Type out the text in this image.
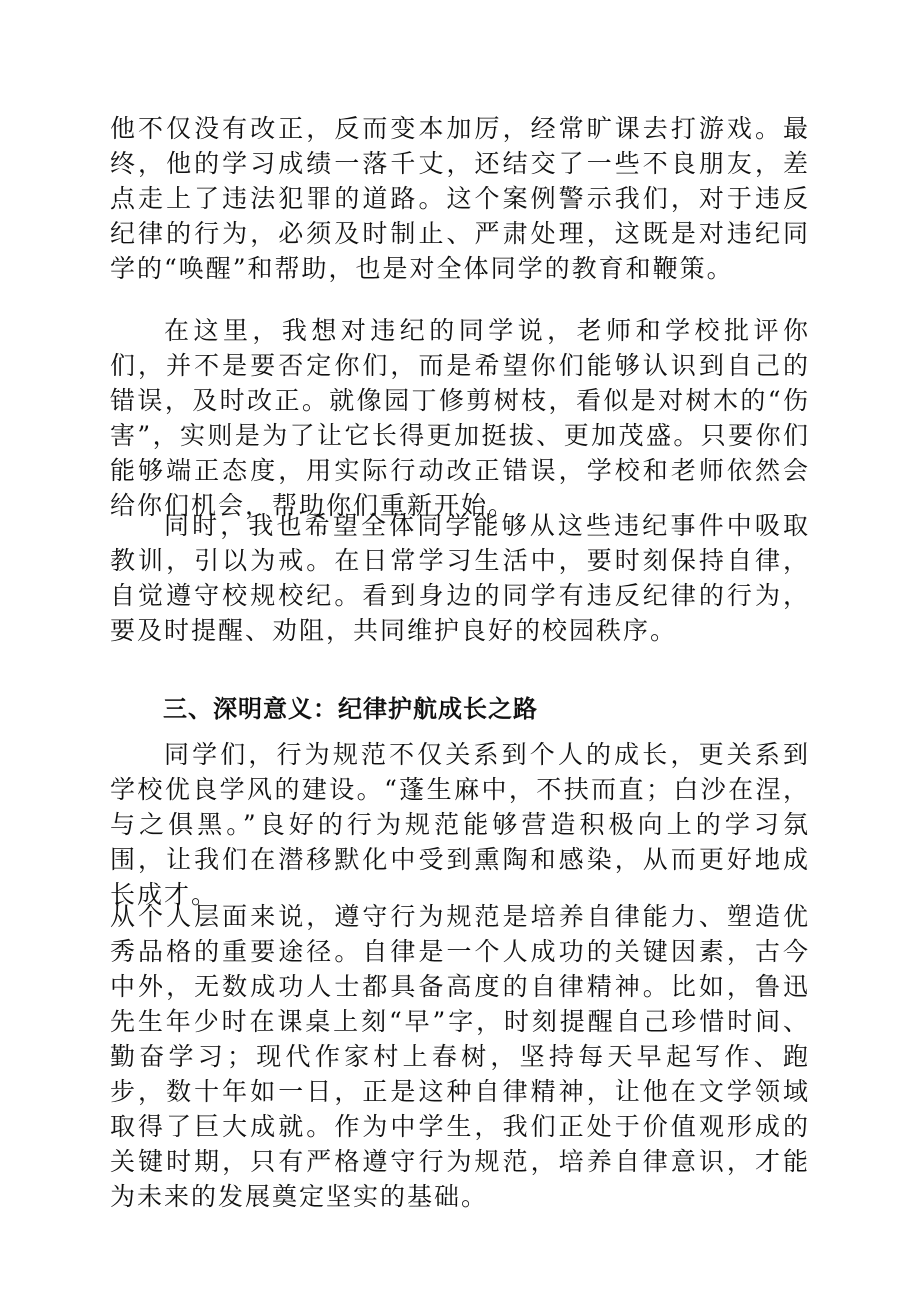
他不仅没有改正，反而变本加厉，经常旷课去打游戏。最终，他的学习成绩一落千丈，还结交了一些不良朋友，差点走上了违法犯罪的道路。这个案例警示我们，对于违反纪律的行为，必须及时制止、严肃处理，这既是对违纪同学的“唤醒”和帮助，也是对全体同学的教育和鞭策。

在这里，我想对违纪的同学说，老师和学校批评你们，并不是要否定你们，而是希望你们能够认识到自己的错误，及时改正。就像园丁修剪树枝，看似是对树木的“伤害”，实则是为了让它长得更加挺拔、更加茂盛。只要你们能够端正态度，用实际行动改正错误，学校和老师依然会给你们机会，帮助你们重新开始。

同时，我也希望全体同学能够从这些违纪事件中吸取教训，引以为戒。在日常学习生活中，要时刻保持自律，自觉遵守校规校纪。看到身边的同学有违反纪律的行为，要及时提醒、劝阻，共同维护良好的校园秩序。

三、深明意义：纪律护航成长之路

同学们，行为规范不仅关系到个人的成长，更关系到学校优良学风的建设。“蓬生麻中，不扶而直；白沙在涅，与之俱黑。”良好的行为规范能够营造积极向上的学习氛围，让我们在潜移默化中受到熏陶和感染，从而更好地成长成才。

从个人层面来说，遵守行为规范是培养自律能力、塑造优秀品格的重要途径。自律是一个人成功的关键因素，古今中外，无数成功人士都具备高度的自律精神。比如，鲁迅先生年少时在课桌上刻“早”字，时刻提醒自己珍惜时间、勤奋学习；现代作家村上春树，坚持每天早起写作、跑步，数十年如一日，正是这种自律精神，让他在文学领域取得了巨大成就。作为中学生，我们正处于价值观形成的关键时期，只有严格遵守行为规范，培养自律意识，才能为未来的发展奠定坚实的基础。
